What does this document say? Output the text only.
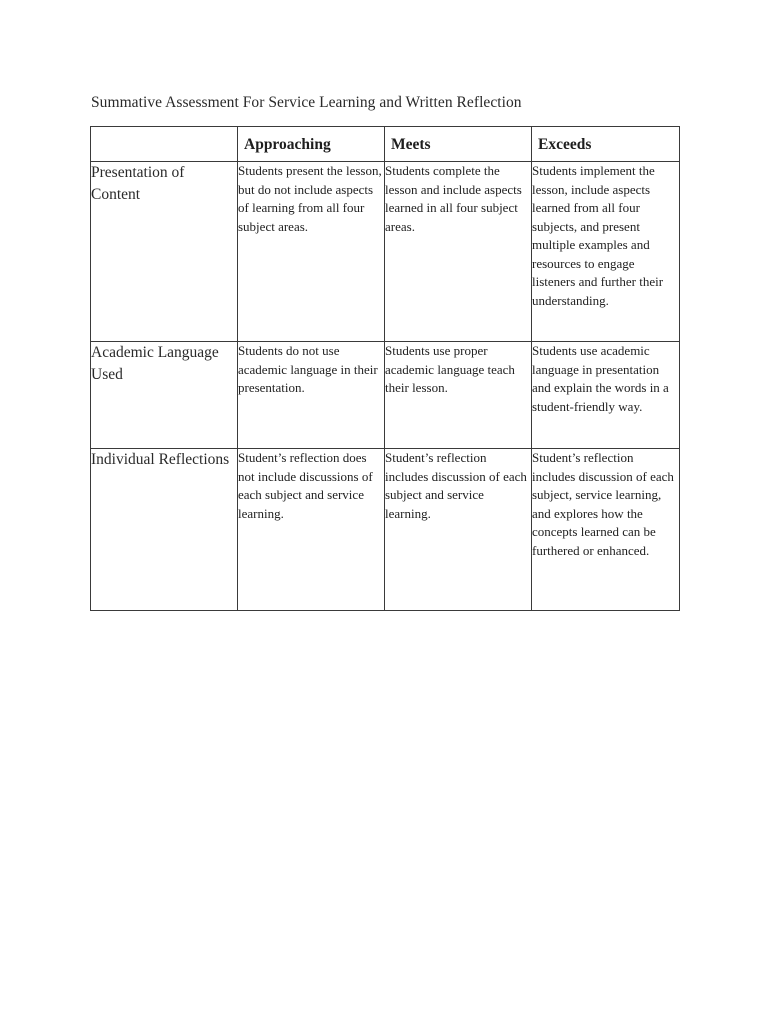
Summative Assessment For Service Learning and Written Reflection
	Approaching	Meets	Exceeds
Presentation of Content	Students present the lesson, but do not include aspects of learning from all four subject areas.	Students complete the lesson and include aspects learned in all four subject areas.	Students implement the lesson, include aspects learned from all four subjects, and present multiple examples and resources to engage listeners and further their understanding.
Academic Language Used	Students do not use academic language in their presentation.	Students use proper academic language teach their lesson.	Students use academic language in presentation and explain the words in a student-friendly way.
Individual Reflections	Student’s reflection does not include discussions of each subject and service learning.	Student’s reflection includes discussion of each subject and service learning.	Student’s reflection includes discussion of each subject, service learning, and explores how the concepts learned can be furthered or enhanced.
